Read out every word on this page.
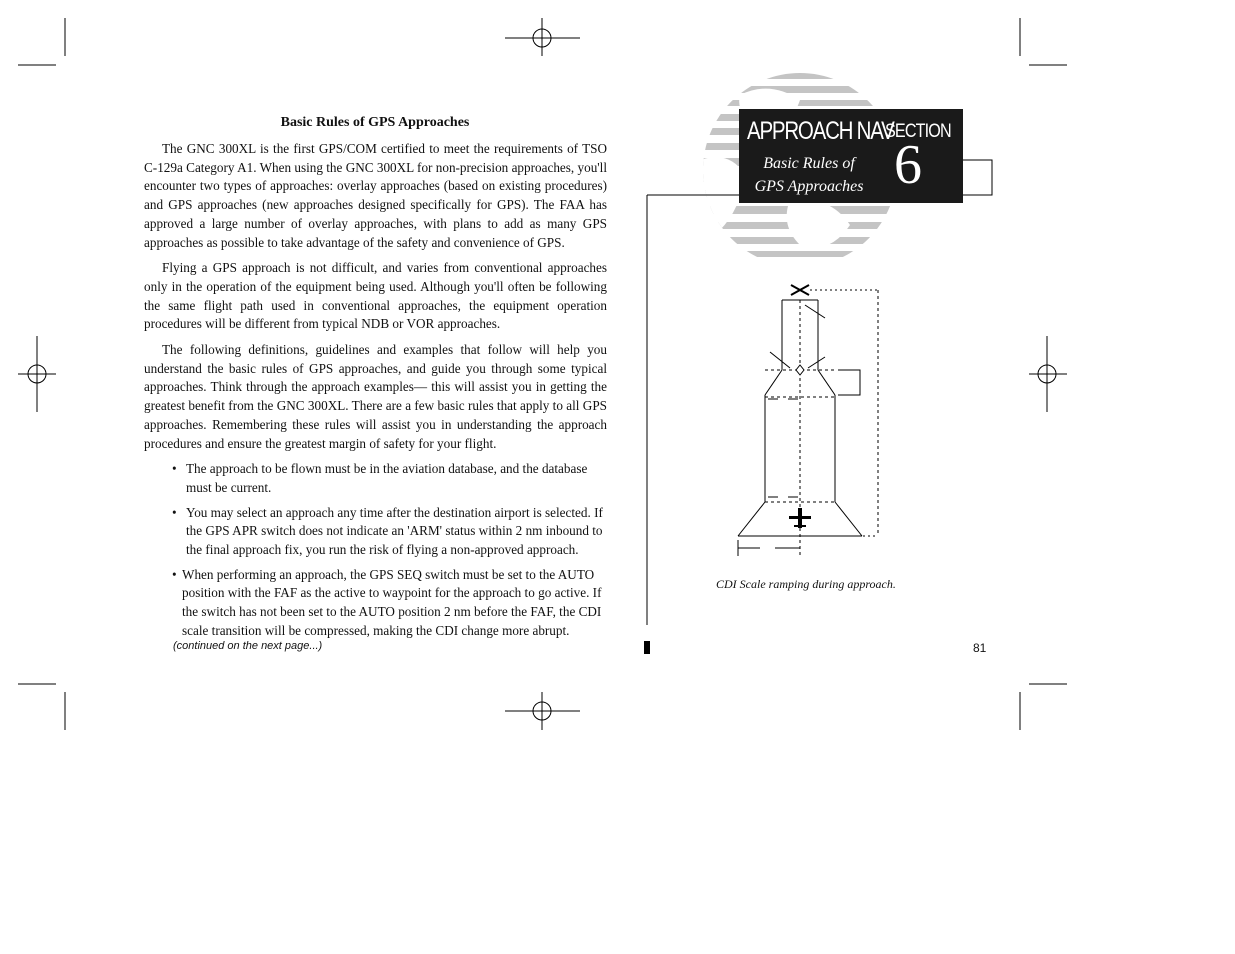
Basic Rules of GPS Approaches

The GNC 300XL is the first GPS/COM certified to meet the requirements of TSO C-129a Category A1. When using the GNC 300XL for non-precision approaches, you'll encounter two types of approaches: overlay approaches (based on existing procedures) and GPS approaches (new approaches designed specifically for GPS). The FAA has approved a large number of overlay approaches, with plans to add as many GPS approaches as possible to take advantage of the safety and convenience of GPS.

Flying a GPS approach is not difficult, and varies from conventional approaches only in the operation of the equipment being used. Although you'll often be following the same flight path used in conventional approaches, the equipment operation procedures will be different from typical NDB or VOR approaches.

The following definitions, guidelines and examples that follow will help you understand the basic rules of GPS approaches, and guide you through some typical approaches. Think through the approach examples— this will assist you in getting the greatest benefit from the GNC 300XL. There are a few basic rules that apply to all GPS approaches. Remembering these rules will assist you in understanding the approach procedures and ensure the greatest margin of safety for your flight.

• The approach to be flown must be in the aviation database, and the database must be current.
• You may select an approach any time after the destination airport is selected. If the GPS APR switch does not indicate an 'ARM' status within 2 nm inbound to the final approach fix, you run the risk of flying a non-approved approach.
• When performing an approach, the GPS SEQ switch must be set to the AUTO position with the FAF as the active to waypoint for the approach to go active. If the switch has not been set to the AUTO position 2 nm before the FAF, the CDI scale transition will be compressed, making the CDI change more abrupt.
(continued on the next page...)
APPROACH NAV
Basic Rules of
GPS Approaches
SECTION
6
CDI Scale ramping during approach.
81
